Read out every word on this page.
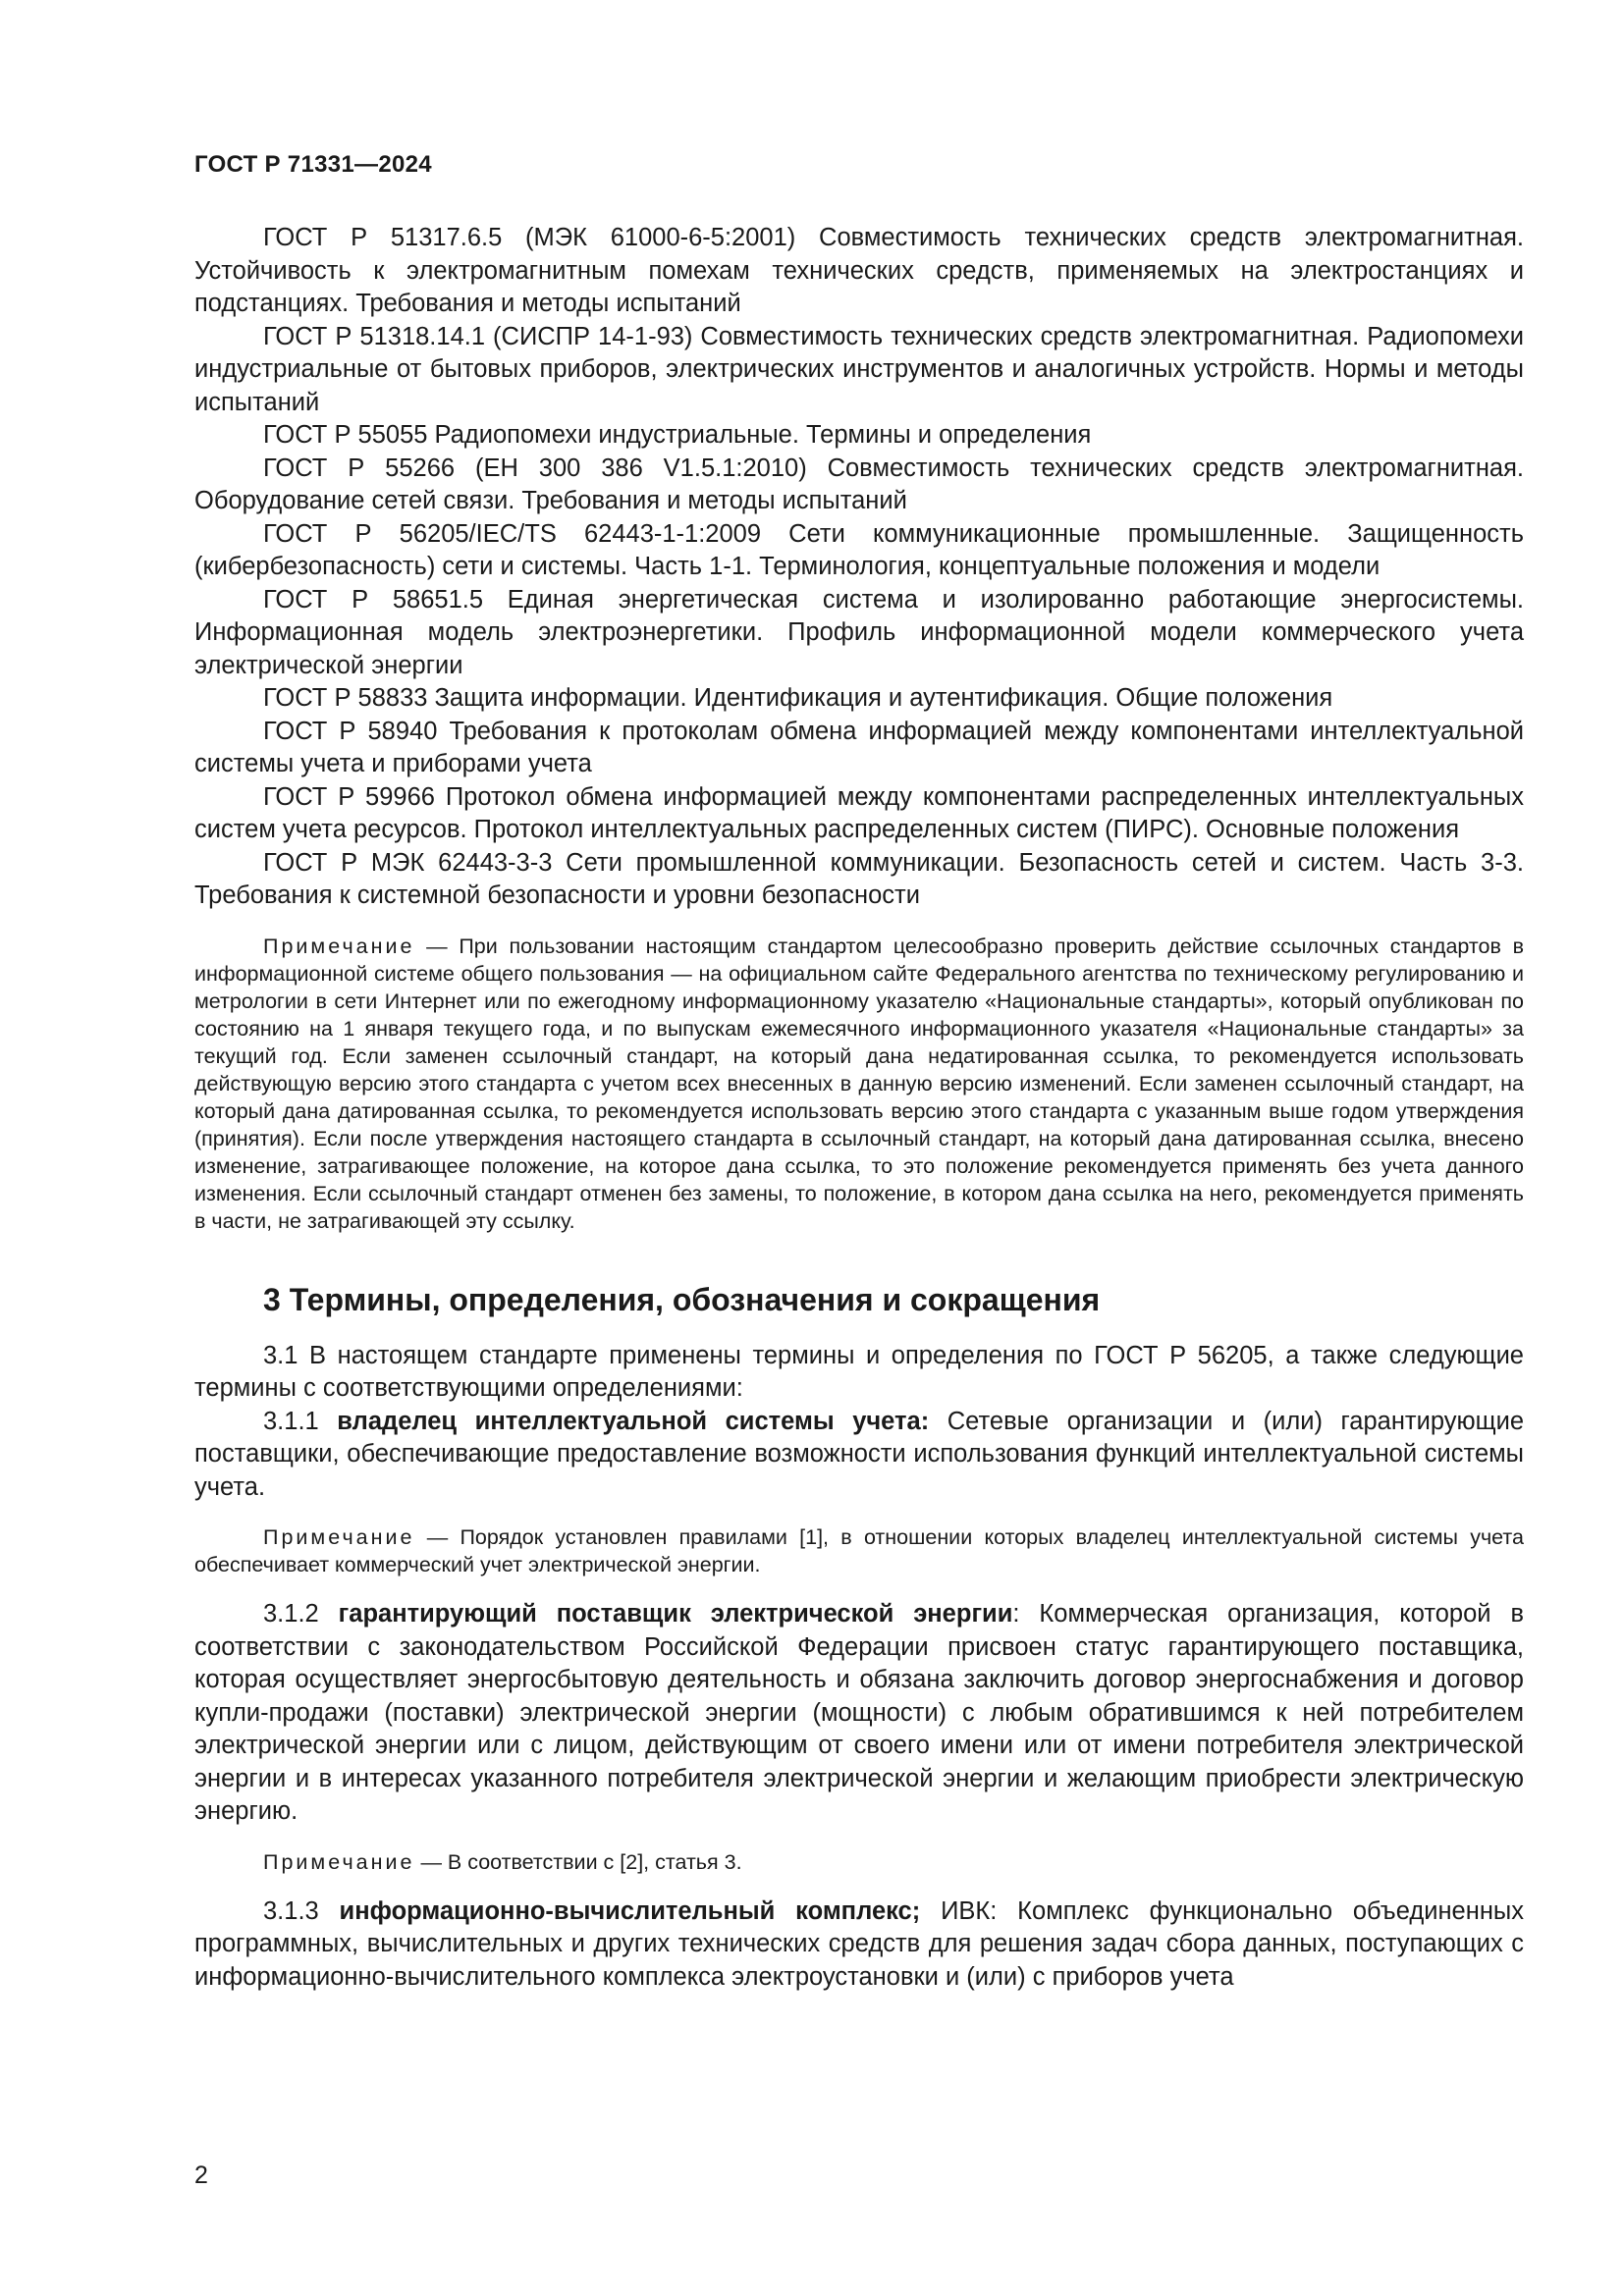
ГОСТ Р 71331—2024

ГОСТ Р 51317.6.5 (МЭК 61000-6-5:2001) Совместимость технических средств электромагнитная. Устойчивость к электромагнитным помехам технических средств, применяемых на электростанциях и подстанциях. Требования и методы испытаний

ГОСТ Р 51318.14.1 (СИСПР 14-1-93) Совместимость технических средств электромагнитная. Радиопомехи индустриальные от бытовых приборов, электрических инструментов и аналогичных устройств. Нормы и методы испытаний

ГОСТ Р 55055 Радиопомехи индустриальные. Термины и определения

ГОСТ Р 55266 (ЕН 300 386 V1.5.1:2010) Совместимость технических средств электромагнитная. Оборудование сетей связи. Требования и методы испытаний

ГОСТ Р 56205/IEC/TS 62443-1-1:2009 Сети коммуникационные промышленные. Защищенность (кибербезопасность) сети и системы. Часть 1-1. Терминология, концептуальные положения и модели

ГОСТ Р 58651.5 Единая энергетическая система и изолированно работающие энергосистемы. Информационная модель электроэнергетики. Профиль информационной модели коммерческого учета электрической энергии

ГОСТ Р 58833 Защита информации. Идентификация и аутентификация. Общие положения

ГОСТ Р 58940 Требования к протоколам обмена информацией между компонентами интеллектуальной системы учета и приборами учета

ГОСТ Р 59966 Протокол обмена информацией между компонентами распределенных интеллектуальных систем учета ресурсов. Протокол интеллектуальных распределенных систем (ПИРС). Основные положения

ГОСТ Р МЭК 62443-3-3 Сети промышленной коммуникации. Безопасность сетей и систем. Часть 3-3. Требования к системной безопасности и уровни безопасности

Примечание — При пользовании настоящим стандартом целесообразно проверить действие ссылочных стандартов в информационной системе общего пользования — на официальном сайте Федерального агентства по техническому регулированию и метрологии в сети Интернет или по ежегодному информационному указателю «Национальные стандарты», который опубликован по состоянию на 1 января текущего года, и по выпускам ежемесячного информационного указателя «Национальные стандарты» за текущий год. Если заменен ссылочный стандарт, на который дана недатированная ссылка, то рекомендуется использовать действующую версию этого стандарта с учетом всех внесенных в данную версию изменений. Если заменен ссылочный стандарт, на который дана датированная ссылка, то рекомендуется использовать версию этого стандарта с указанным выше годом утверждения (принятия). Если после утверждения настоящего стандарта в ссылочный стандарт, на который дана датированная ссылка, внесено изменение, затрагивающее положение, на которое дана ссылка, то это положение рекомендуется применять без учета данного изменения. Если ссылочный стандарт отменен без замены, то положение, в котором дана ссылка на него, рекомендуется применять в части, не затрагивающей эту ссылку.

3 Термины, определения, обозначения и сокращения

3.1 В настоящем стандарте применены термины и определения по ГОСТ Р 56205, а также следующие термины с соответствующими определениями:

3.1.1 владелец интеллектуальной системы учета: Сетевые организации и (или) гарантирующие поставщики, обеспечивающие предоставление возможности использования функций интеллектуальной системы учета.

Примечание — Порядок установлен правилами [1], в отношении которых владелец интеллектуальной системы учета обеспечивает коммерческий учет электрической энергии.

3.1.2 гарантирующий поставщик электрической энергии: Коммерческая организация, которой в соответствии с законодательством Российской Федерации присвоен статус гарантирующего поставщика, которая осуществляет энергосбытовую деятельность и обязана заключить договор энергоснабжения и договор купли-продажи (поставки) электрической энергии (мощности) с любым обратившимся к ней потребителем электрической энергии или с лицом, действующим от своего имени или от имени потребителя электрической энергии и в интересах указанного потребителя электрической энергии и желающим приобрести электрическую энергию.

Примечание — В соответствии с [2], статья 3.

3.1.3 информационно-вычислительный комплекс; ИВК: Комплекс функционально объединенных программных, вычислительных и других технических средств для решения задач сбора данных, поступающих с информационно-вычислительного комплекса электроустановки и (или) с приборов учета

2
